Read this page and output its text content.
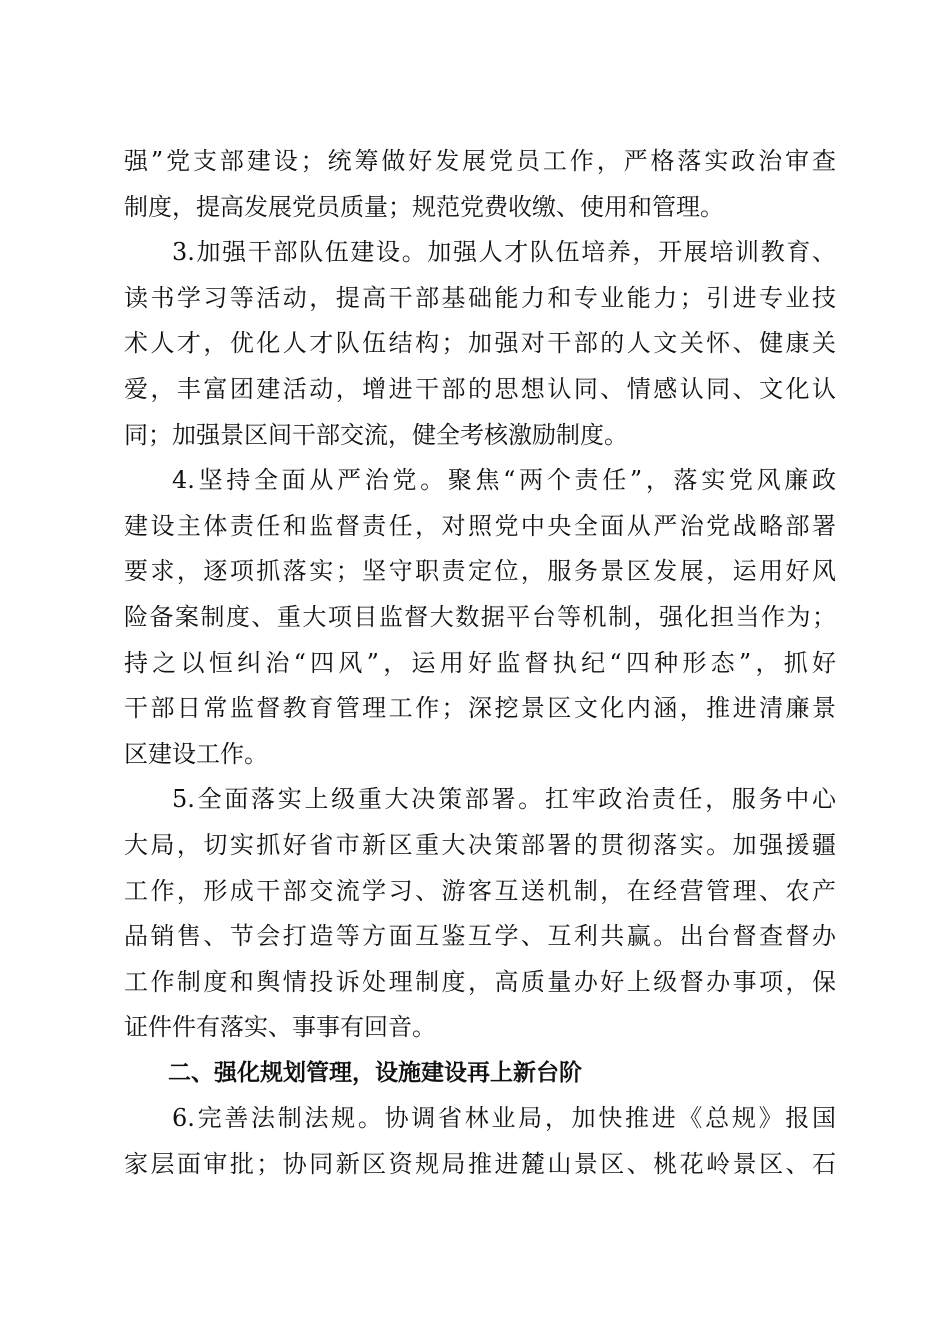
强”党支部建设；统筹做好发展党员工作，严格落实政治审查
制度，提高发展党员质量；规范党费收缴、使用和管理。
3.加强干部队伍建设。加强人才队伍培养，开展培训教育、
读书学习等活动，提高干部基础能力和专业能力；引进专业技
术人才，优化人才队伍结构；加强对干部的人文关怀、健康关
爱，丰富团建活动，增进干部的思想认同、情感认同、文化认
同；加强景区间干部交流，健全考核激励制度。
4.坚持全面从严治党。聚焦“两个责任”，落实党风廉政
建设主体责任和监督责任，对照党中央全面从严治党战略部署
要求，逐项抓落实；坚守职责定位，服务景区发展，运用好风
险备案制度、重大项目监督大数据平台等机制，强化担当作为；
持之以恒纠治“四风”，运用好监督执纪“四种形态”，抓好
干部日常监督教育管理工作；深挖景区文化内涵，推进清廉景
区建设工作。
5.全面落实上级重大决策部署。扛牢政治责任，服务中心
大局，切实抓好省市新区重大决策部署的贯彻落实。加强援疆
工作，形成干部交流学习、游客互送机制，在经营管理、农产
品销售、节会打造等方面互鉴互学、互利共赢。出台督查督办
工作制度和舆情投诉处理制度，高质量办好上级督办事项，保
证件件有落实、事事有回音。
二、强化规划管理，设施建设再上新台阶
6.完善法制法规。协调省林业局，加快推进《总规》报国
家层面审批；协同新区资规局推进麓山景区、桃花岭景区、石
